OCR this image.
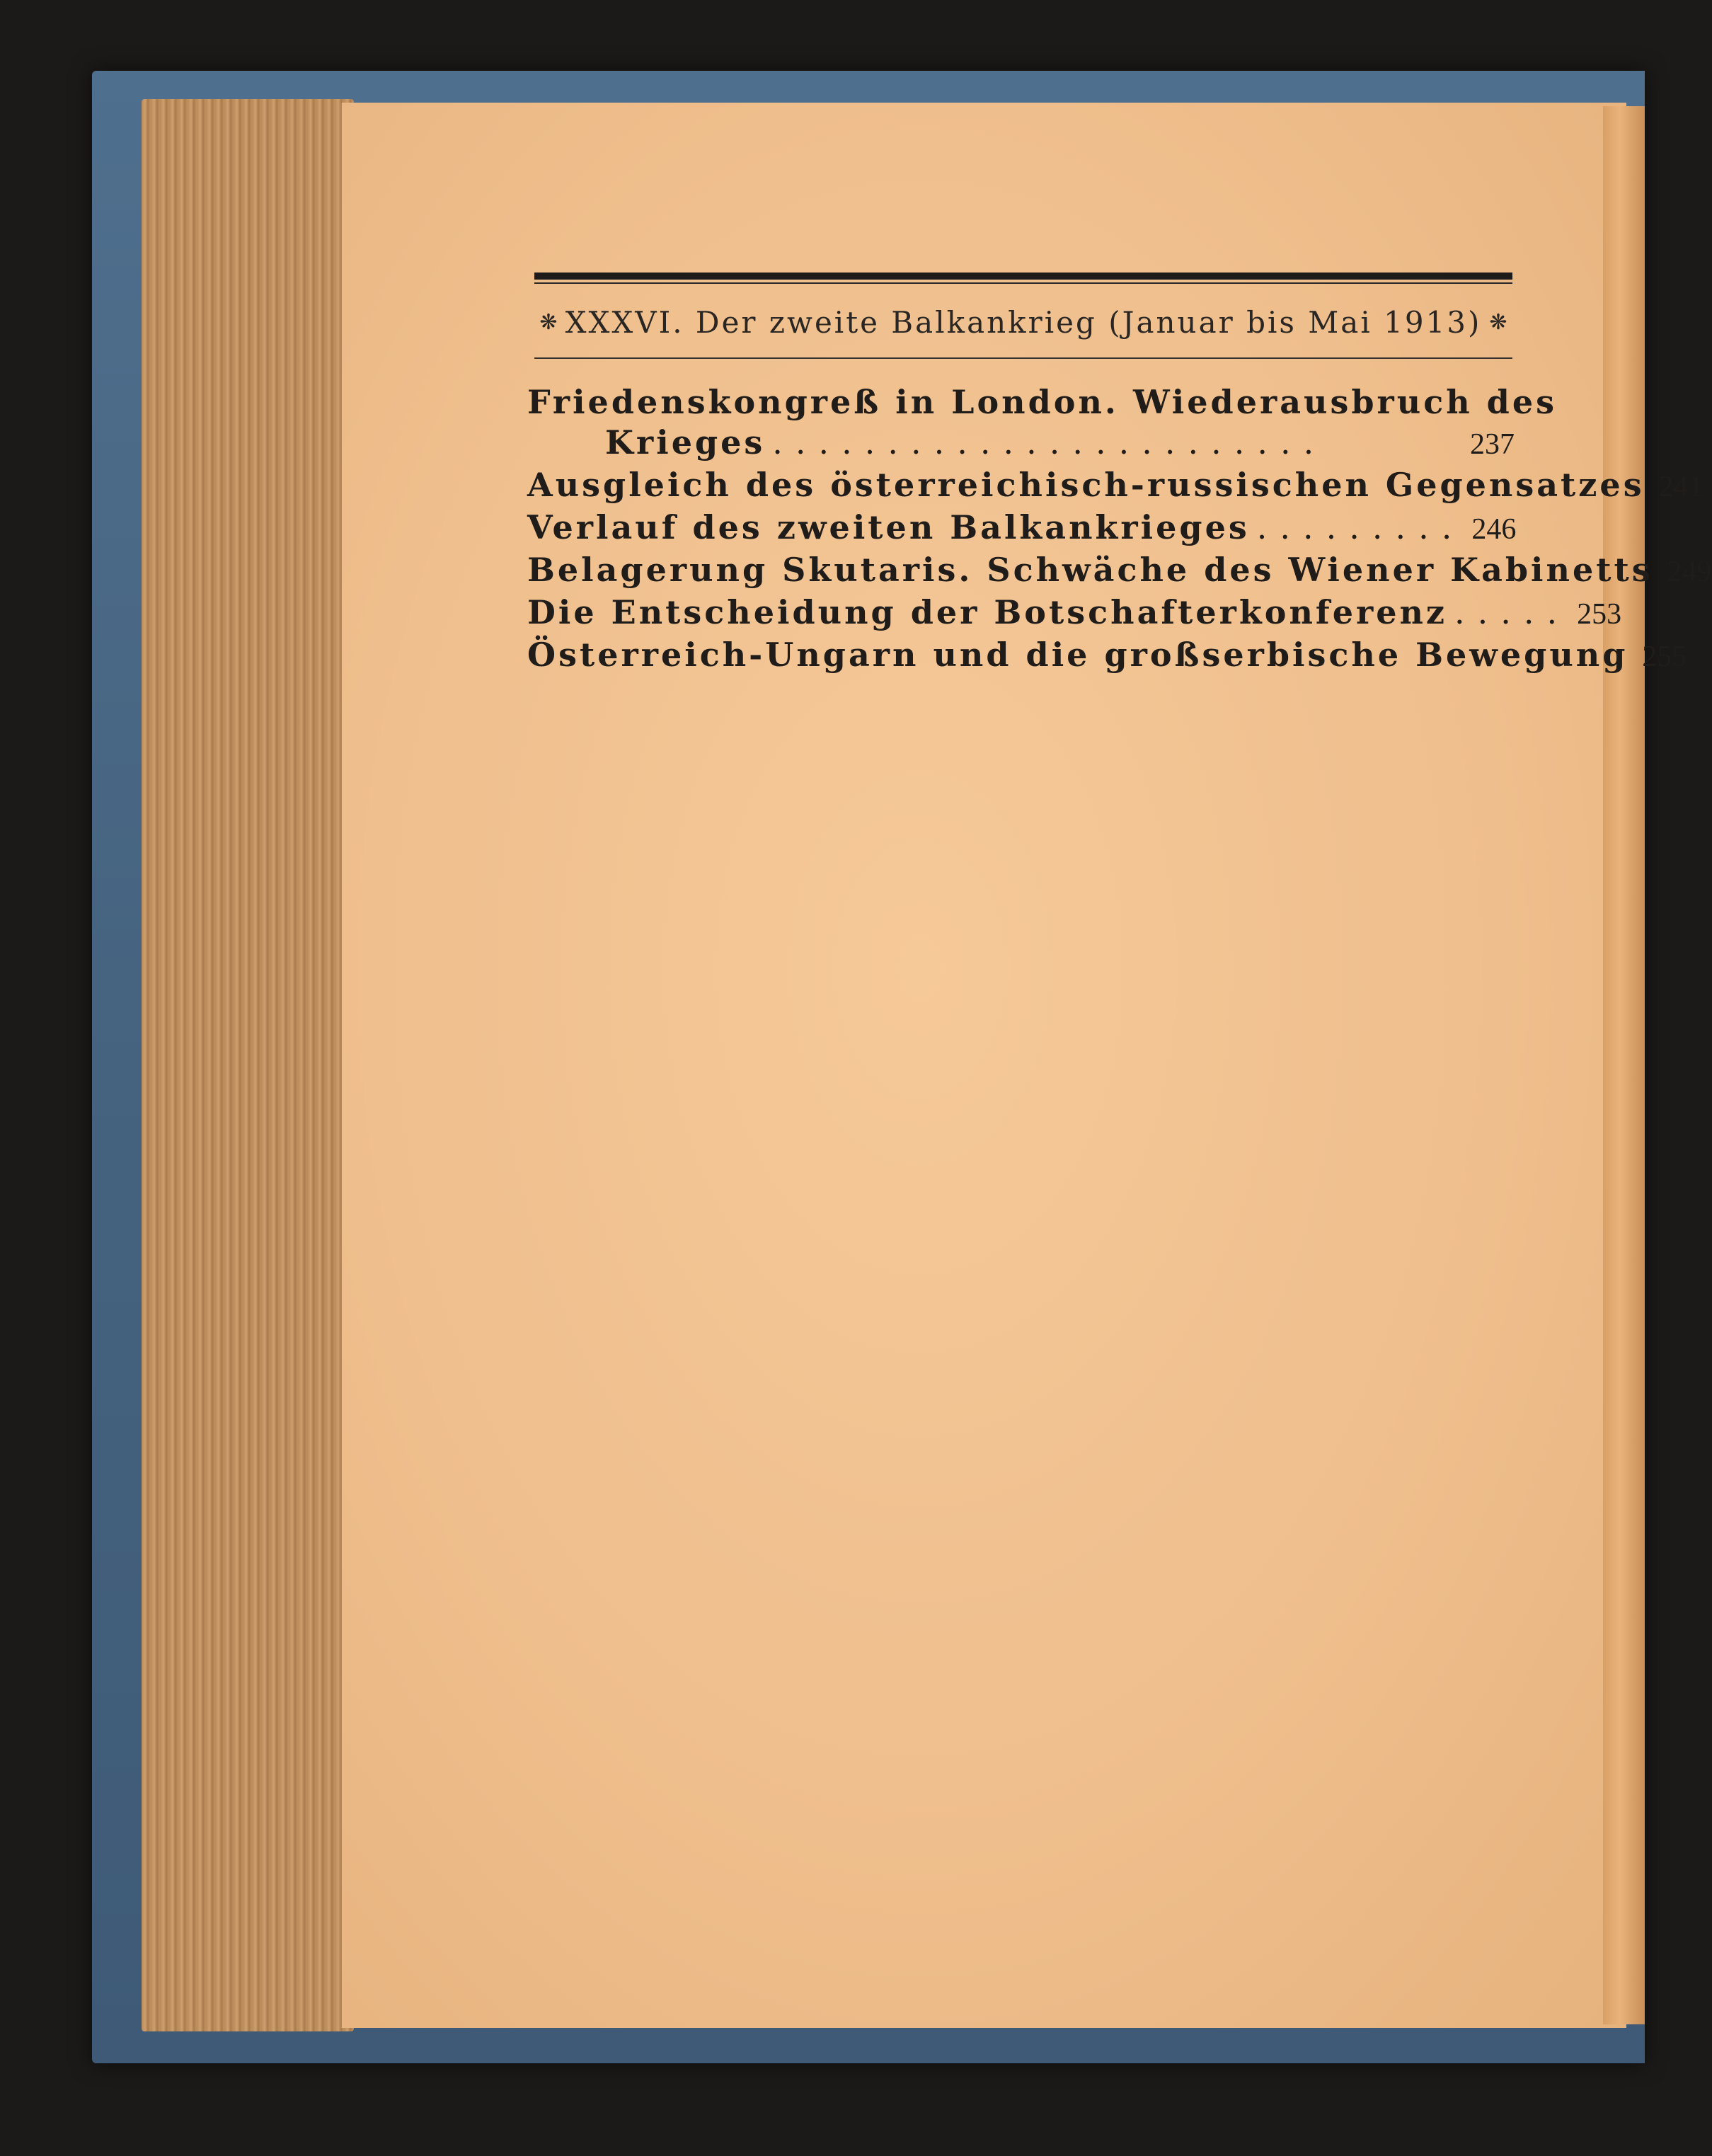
❋ XXXVI. Der zweite Balkankrieg (Januar bis Mai 1913) ❋
Friedenskongreß in London. Wiederausbruch des
Krieges ........................	237
Ausgleich des österreichisch-russischen Gegensatzes 241
Verlauf des zweiten Balkankrieges ......... 246
Belagerung Skutaris. Schwäche des Wiener Kabinetts 249
Die Entscheidung der Botschafterkonferenz ..... 253
Österreich-Ungarn und die großserbische Bewegung 255
